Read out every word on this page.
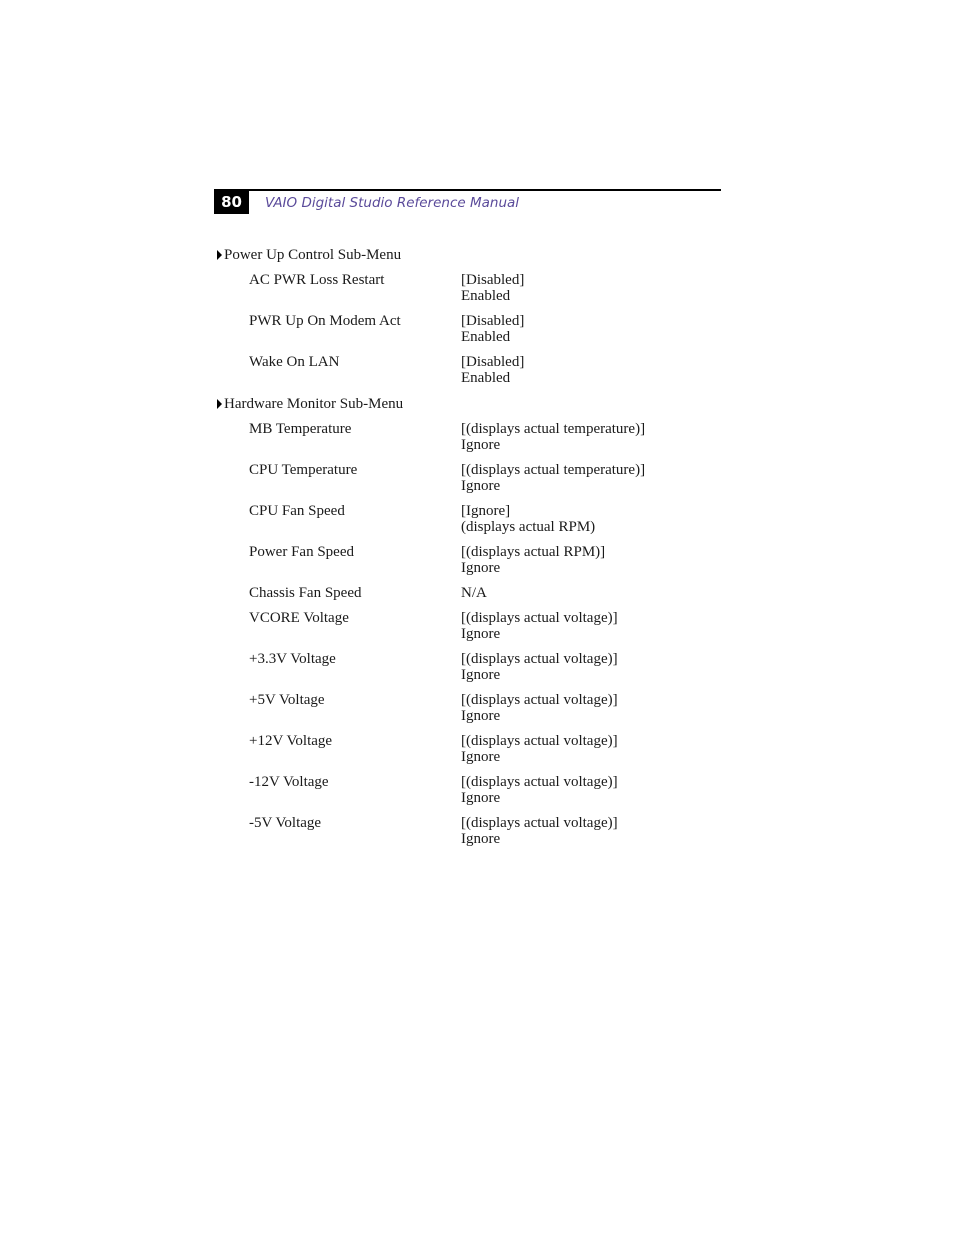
80	VAIO Digital Studio Reference Manual
Power Up Control Sub-Menu
AC PWR Loss Restart	[Disabled]
Enabled
PWR Up On Modem Act	[Disabled]
Enabled
Wake On LAN	[Disabled]
Enabled
Hardware Monitor Sub-Menu
MB Temperature	[(displays actual temperature)]
Ignore
CPU Temperature	[(displays actual temperature)]
Ignore
CPU Fan Speed	[Ignore]
(displays actual RPM)
Power Fan Speed	[(displays actual RPM)]
Ignore
Chassis Fan Speed	N/A
VCORE Voltage	[(displays actual voltage)]
Ignore
+3.3V Voltage	[(displays actual voltage)]
Ignore
+5V Voltage	[(displays actual voltage)]
Ignore
+12V Voltage	[(displays actual voltage)]
Ignore
-12V Voltage	[(displays actual voltage)]
Ignore
-5V Voltage	[(displays actual voltage)]
Ignore
